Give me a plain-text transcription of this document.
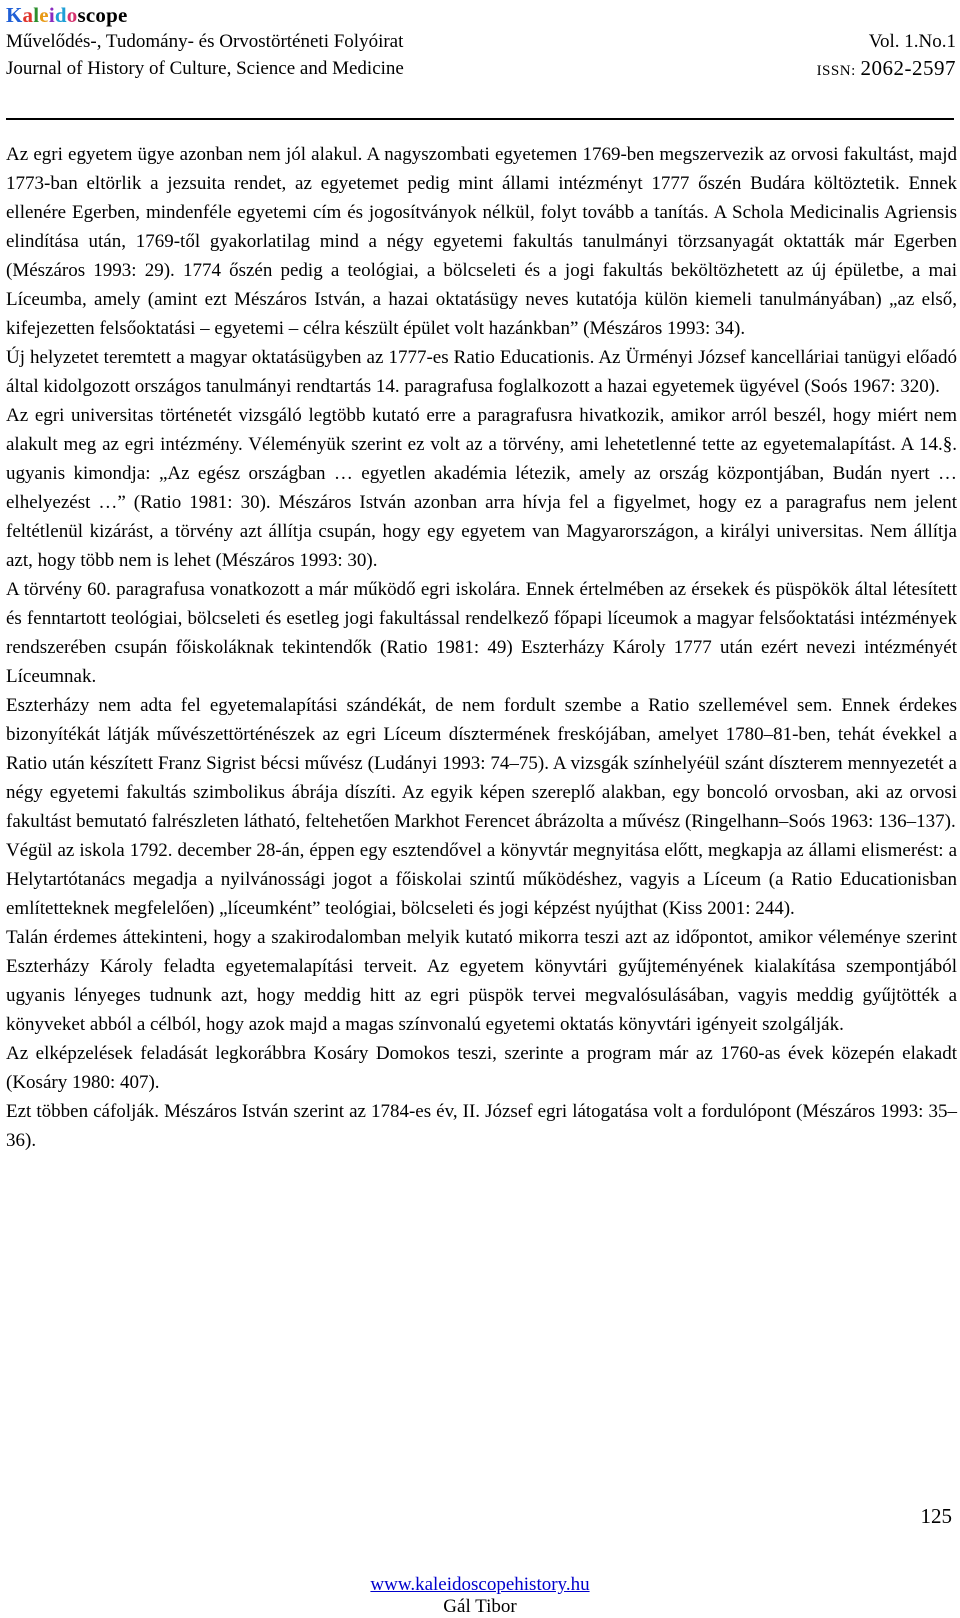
Kaleidoscope
Művelődés-, Tudomány- és Orvostörténeti Folyóirat	Vol. 1.No.1
Journal of History of Culture, Science and Medicine	ISSN: 2062-2597

Az egri egyetem ügye azonban nem jól alakul. A nagyszombati egyetemen 1769-ben megszervezik az orvosi fakultást, majd 1773-ban eltörlik a jezsuita rendet, az egyetemet pedig mint állami intézményt 1777 őszén Budára költöztetik. Ennek ellenére Egerben, mindenféle egyetemi cím és jogosítványok nélkül, folyt tovább a tanítás. A Schola Medicinalis Agriensis elindítása után, 1769-től gyakorlatilag mind a négy egyetemi fakultás tanulmányi törzsanyagát oktatták már Egerben (Mészáros 1993: 29). 1774 őszén pedig a teológiai, a bölcseleti és a jogi fakultás beköltözhetett az új épületbe, a mai Líceumba, amely (amint ezt Mészáros István, a hazai oktatásügy neves kutatója külön kiemeli tanulmányában) „az első, kifejezetten felsőoktatási – egyetemi – célra készült épület volt hazánkban” (Mészáros 1993: 34).

Új helyzetet teremtett a magyar oktatásügyben az 1777-es Ratio Educationis. Az Ürményi József kancelláriai tanügyi előadó által kidolgozott országos tanulmányi rendtartás 14. paragrafusa foglalkozott a hazai egyetemek ügyével (Soós 1967: 320).

Az egri universitas történetét vizsgáló legtöbb kutató erre a paragrafusra hivatkozik, amikor arról beszél, hogy miért nem alakult meg az egri intézmény. Véleményük szerint ez volt az a törvény, ami lehetetlenné tette az egyetemalapítást. A 14.§. ugyanis kimondja: „Az egész országban … egyetlen akadémia létezik, amely az ország központjában, Budán nyert … elhelyezést …” (Ratio 1981: 30). Mészáros István azonban arra hívja fel a figyelmet, hogy ez a paragrafus nem jelent feltétlenül kizárást, a törvény azt állítja csupán, hogy egy egyetem van Magyarországon, a királyi universitas. Nem állítja azt, hogy több nem is lehet (Mészáros 1993: 30).

A törvény 60. paragrafusa vonatkozott a már működő egri iskolára. Ennek értelmében az érsekek és püspökök által létesített és fenntartott teológiai, bölcseleti és esetleg jogi fakultással rendelkező főpapi líceumok a magyar felsőoktatási intézmények rendszerében csupán főiskoláknak tekintendők (Ratio 1981: 49) Eszterházy Károly 1777 után ezért nevezi intézményét Líceumnak.

Eszterházy nem adta fel egyetemalapítási szándékát, de nem fordult szembe a Ratio szellemével sem. Ennek érdekes bizonyítékát látják művészettörténészek az egri Líceum dísztermének freskójában, amelyet 1780–81-ben, tehát évekkel a Ratio után készített Franz Sigrist bécsi művész (Ludányi 1993: 74–75). A vizsgák színhelyéül szánt díszterem mennyezetét a négy egyetemi fakultás szimbolikus ábrája díszíti. Az egyik képen szereplő alakban, egy boncoló orvosban, aki az orvosi fakultást bemutató falrészleten látható, feltehetően Markhot Ferencet ábrázolta a művész (Ringelhann–Soós 1963: 136–137).

Végül az iskola 1792. december 28-án, éppen egy esztendővel a könyvtár megnyitása előtt, megkapja az állami elismerést: a Helytartótanács megadja a nyilvánossági jogot a főiskolai szintű működéshez, vagyis a Líceum (a Ratio Educationisban említetteknek megfelelően) „líceumként” teológiai, bölcseleti és jogi képzést nyújthat (Kiss 2001: 244).

Talán érdemes áttekinteni, hogy a szakirodalomban melyik kutató mikorra teszi azt az időpontot, amikor véleménye szerint Eszterházy Károly feladta egyetemalapítási terveit. Az egyetem könyvtári gyűjteményének kialakítása szempontjából ugyanis lényeges tudnunk azt, hogy meddig hitt az egri püspök tervei megvalósulásában, vagyis meddig gyűjtötték a könyveket abból a célból, hogy azok majd a magas színvonalú egyetemi oktatás könyvtári igényeit szolgálják.

Az elképzelések feladását legkorábbra Kosáry Domokos teszi, szerinte a program már az 1760-as évek közepén elakadt (Kosáry 1980: 407).

Ezt többen cáfolják. Mészáros István szerint az 1784-es év, II. József egri látogatása volt a fordulópont (Mészáros 1993: 35–36).

125
www.kaleidoscopehistory.hu
Gál Tibor
